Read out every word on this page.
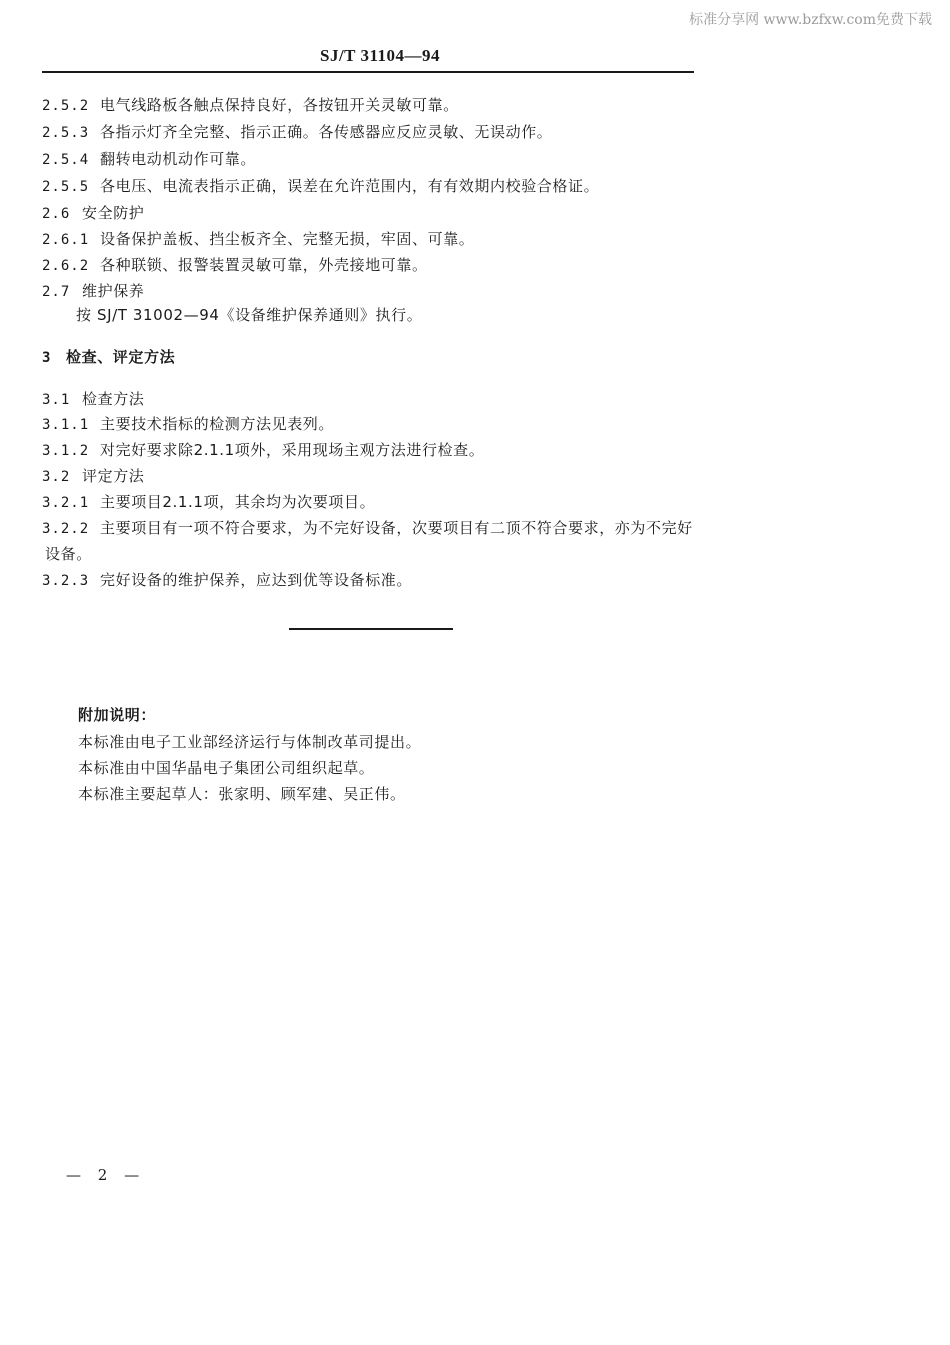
标准分享网 www.bzfxw.com免费下载
SJ/T 31104—94
2.5.2 电气线路板各触点保持良好，各按钮开关灵敏可靠。
2.5.3 各指示灯齐全完整、指示正确。各传感器应反应灵敏、无误动作。
2.5.4 翻转电动机动作可靠。
2.5.5 各电压、电流表指示正确，误差在允许范围内，有有效期内校验合格证。
2.6 安全防护
2.6.1 设备保护盖板、挡尘板齐全、完整无损，牢固、可靠。
2.6.2 各种联锁、报警装置灵敏可靠，外壳接地可靠。
2.7 维护保养
按 SJ/T 31002—94《设备维护保养通则》执行。
3 检查、评定方法
3.1 检查方法
3.1.1 主要技术指标的检测方法见表列。
3.1.2 对完好要求除2.1.1项外，采用现场主观方法进行检查。
3.2 评定方法
3.2.1 主要项目2.1.1项，其余均为次要项目。
3.2.2 主要项目有一项不符合要求，为不完好设备，次要项目有二顶不符合要求，亦为不完好
设备。
3.2.3 完好设备的维护保养，应达到优等设备标准。
附加说明：
本标准由电子工业部经济运行与体制改革司提出。
本标准由中国华晶电子集团公司组织起草。
本标准主要起草人：张家明、顾军建、吴正伟。
— 2 —
